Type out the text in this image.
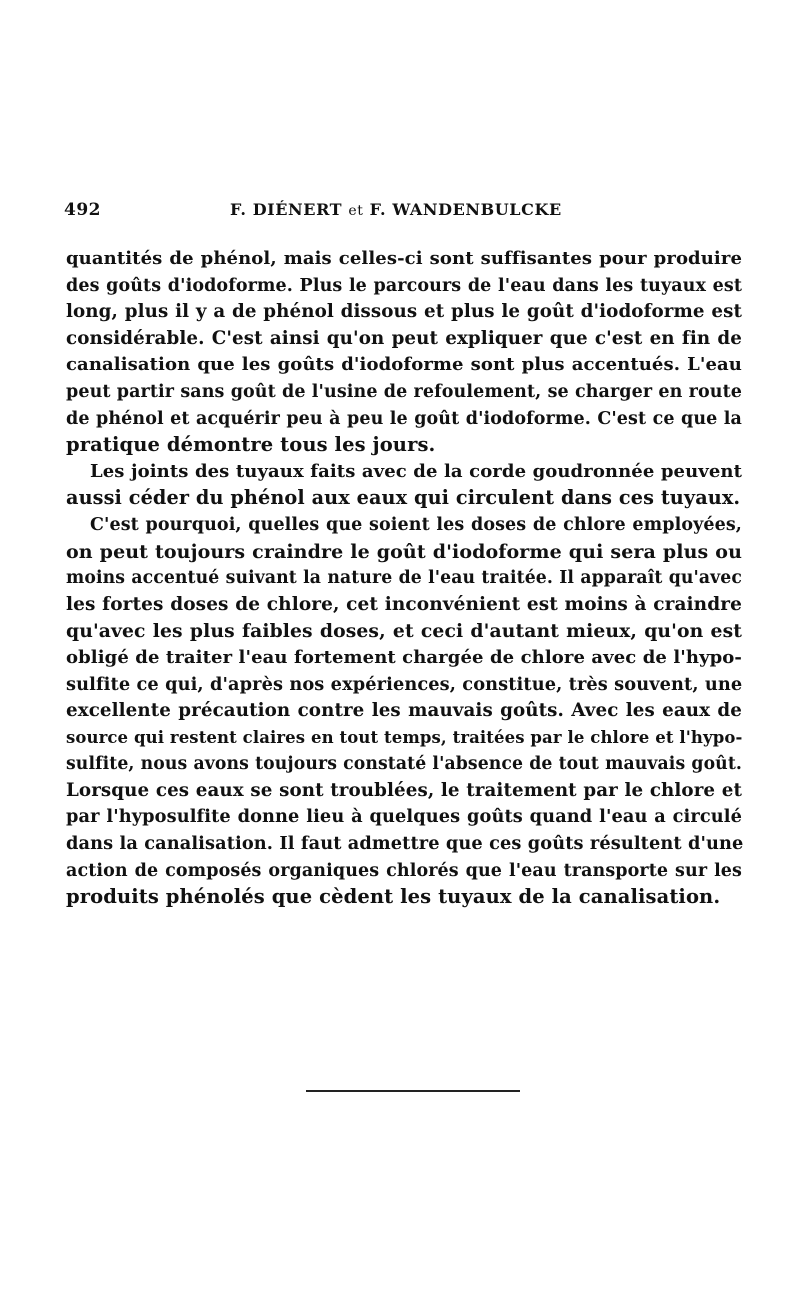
492	F. DIÉNERT et F. WANDENBULCKE
quantités de phénol, mais celles-ci sont suffisantes pour produire
des goûts d'iodoforme. Plus le parcours de l'eau dans les tuyaux est
long, plus il y a de phénol dissous et plus le goût d'iodoforme est
considérable. C'est ainsi qu'on peut expliquer que c'est en fin de
canalisation que les goûts d'iodoforme sont plus accentués. L'eau
peut partir sans goût de l'usine de refoulement, se charger en route
de phénol et acquérir peu à peu le goût d'iodoforme. C'est ce que la
pratique démontre tous les jours.
Les joints des tuyaux faits avec de la corde goudronnée peuvent
aussi céder du phénol aux eaux qui circulent dans ces tuyaux.
C'est pourquoi, quelles que soient les doses de chlore employées,
on peut toujours craindre le goût d'iodoforme qui sera plus ou
moins accentué suivant la nature de l'eau traitée. Il apparaît qu'avec
les fortes doses de chlore, cet inconvénient est moins à craindre
qu'avec les plus faibles doses, et ceci d'autant mieux, qu'on est
obligé de traiter l'eau fortement chargée de chlore avec de l'hypo-
sulfite ce qui, d'après nos expériences, constitue, très souvent, une
excellente précaution contre les mauvais goûts. Avec les eaux de
source qui restent claires en tout temps, traitées par le chlore et l'hypo-
sulfite, nous avons toujours constaté l'absence de tout mauvais goût.
Lorsque ces eaux se sont troublées, le traitement par le chlore et
par l'hyposulfite donne lieu à quelques goûts quand l'eau a circulé
dans la canalisation. Il faut admettre que ces goûts résultent d'une
action de composés organiques chlorés que l'eau transporte sur les
produits phénolés que cèdent les tuyaux de la canalisation.
